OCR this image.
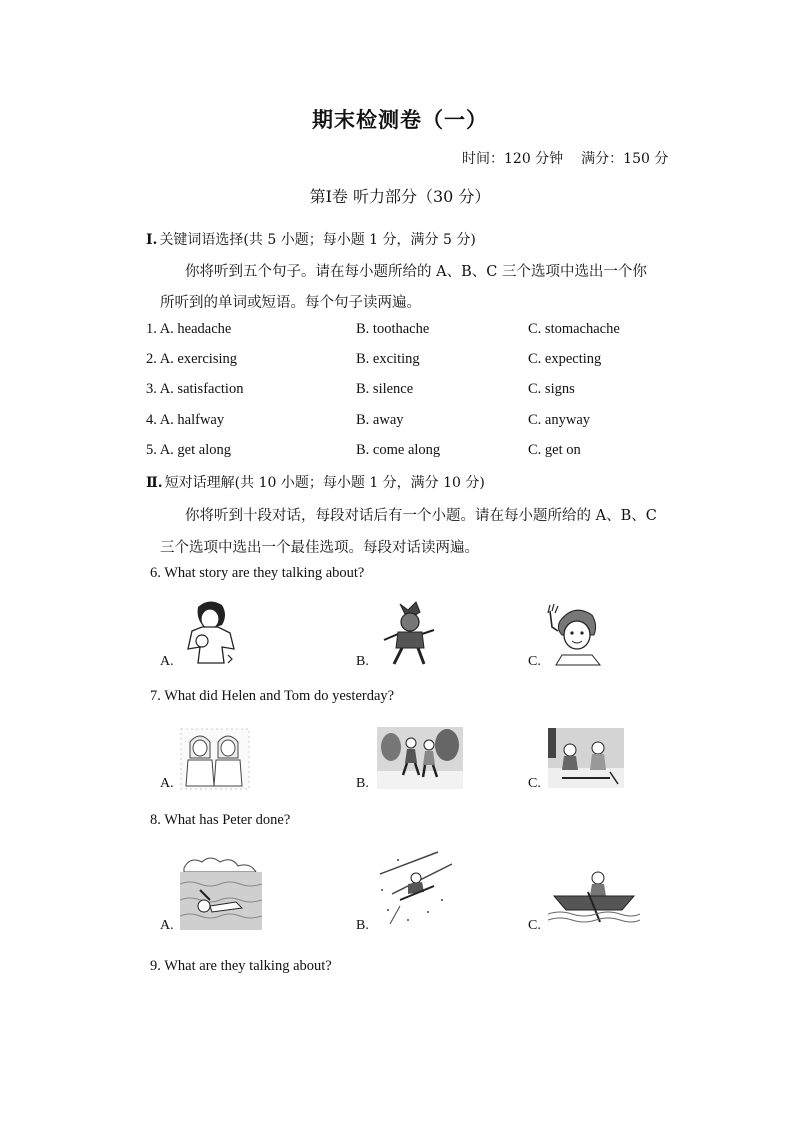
期末检测卷（一）
时间：120 分钟 满分：150 分
第Ⅰ卷 听力部分（30 分）
Ⅰ. 关键词语选择(共 5 小题；每小题 1 分，满分 5 分)
你将听到五个句子。请在每小题所给的 A、B、C 三个选项中选出一个你
所听到的单词或短语。每个句子读两遍。
1. A. headache	B. toothache	C. stomachache
2. A. exercising	B. exciting	C. expecting
3. A. satisfaction	B. silence	C. signs
4. A. halfway	B. away	C. anyway
5. A. get along	B. come along	C. get on
Ⅱ. 短对话理解(共 10 小题；每小题 1 分，满分 10 分)
你将听到十段对话，每段对话后有一个小题。请在每小题所给的 A、B、C
三个选项中选出一个最佳选项。每段对话读两遍。
6. What story are they talking about?
A.	B.	C.
7. What did Helen and Tom do yesterday?
A.	B.	C.
8. What has Peter done?
A.	B.	C.
9. What are they talking about?
